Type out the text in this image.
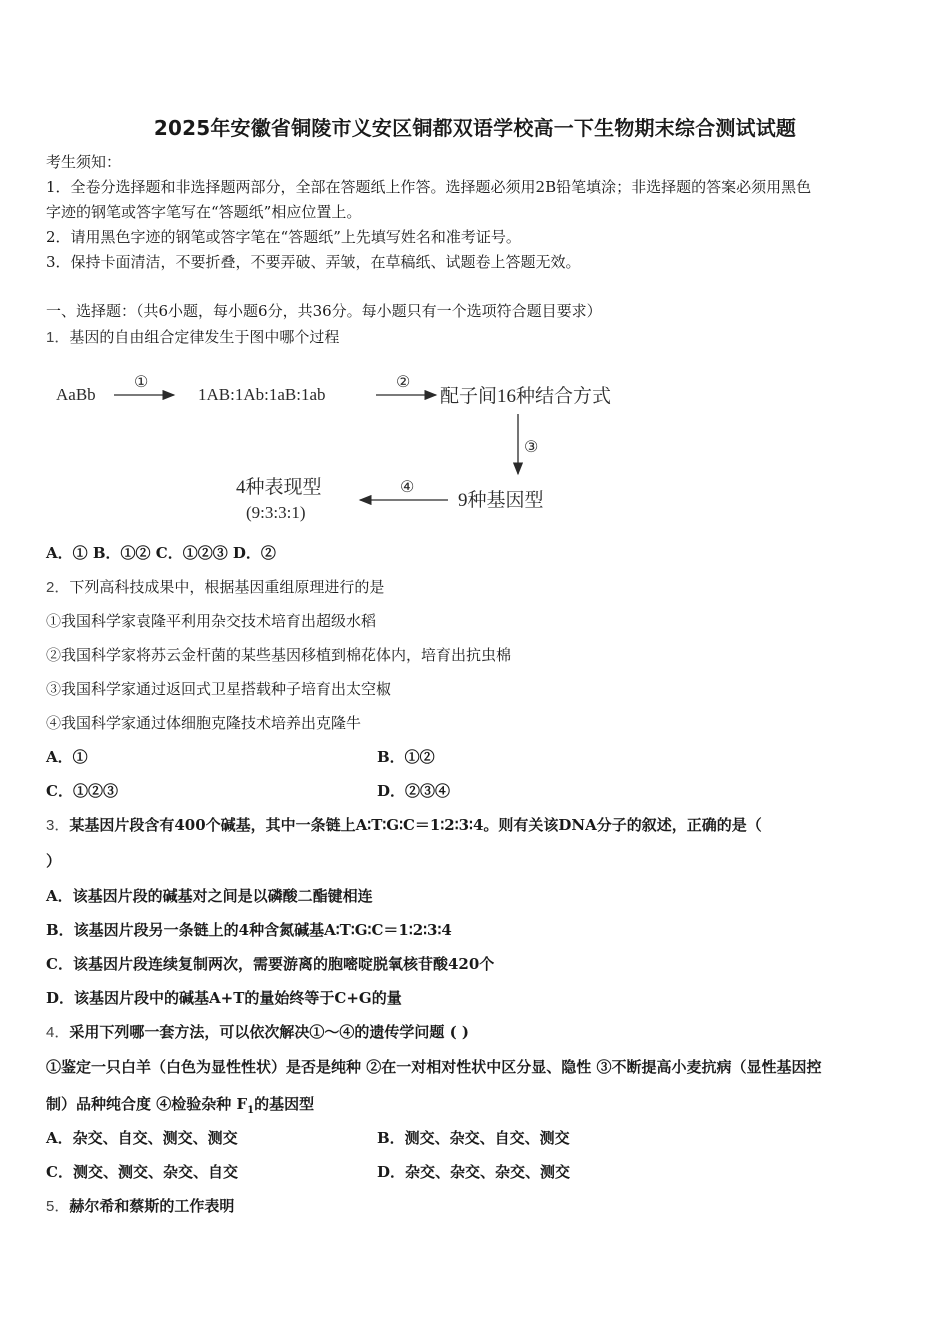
2025年安徽省铜陵市义安区铜都双语学校高一下生物期末综合测试试题
考生须知：
1．全卷分选择题和非选择题两部分，全部在答题纸上作答。选择题必须用2B铅笔填涂；非选择题的答案必须用黑色
字迹的钢笔或答字笔写在“答题纸”相应位置上。
2．请用黑色字迹的钢笔或答字笔在“答题纸”上先填写姓名和准考证号。
3．保持卡面清洁，不要折叠，不要弄破、弄皱，在草稿纸、试题卷上答题无效。
一、选择题：（共6小题，每小题6分，共36分。每小题只有一个选项符合题目要求）
1．基因的自由组合定律发生于图中哪个过程
AaBb
①
1AB:1Ab:1aB:1ab
②
配子间16种结合方式
③
9种基因型
④
4种表现型
(9:3:3:1)
A．① B．①② C．①②③ D．②
2．下列高科技成果中，根据基因重组原理进行的是
①我国科学家袁隆平利用杂交技术培育出超级水稻
②我国科学家将苏云金杆菌的某些基因移植到棉花体内，培育出抗虫棉
③我国科学家通过返回式卫星搭载种子培育出太空椒
④我国科学家通过体细胞克隆技术培养出克隆牛
A．①	B．①②
C．①②③	D．②③④
3．某基因片段含有400个碱基，其中一条链上A∶T∶G∶C＝1∶2∶3∶4。则有关该DNA分子的叙述，正确的是（
）
A．该基因片段的碱基对之间是以磷酸二酯键相连
B．该基因片段另一条链上的4种含氮碱基A∶T∶G∶C＝1∶2∶3∶4
C．该基因片段连续复制两次，需要游离的胞嘧啶脱氧核苷酸420个
D．该基因片段中的碱基A+T的量始终等于C+G的量
4．采用下列哪一套方法，可以依次解决①～④的遗传学问题 ( )
①鉴定一只白羊（白色为显性性状）是否是纯种 ②在一对相对性状中区分显、隐性 ③不断提高小麦抗病（显性基因控
制）品种纯合度 ④检验杂种 $F_1$的基因型
A．杂交、自交、测交、测交	B．测交、杂交、自交、测交
C．测交、测交、杂交、自交	D．杂交、杂交、杂交、测交
5．赫尔希和蔡斯的工作表明
